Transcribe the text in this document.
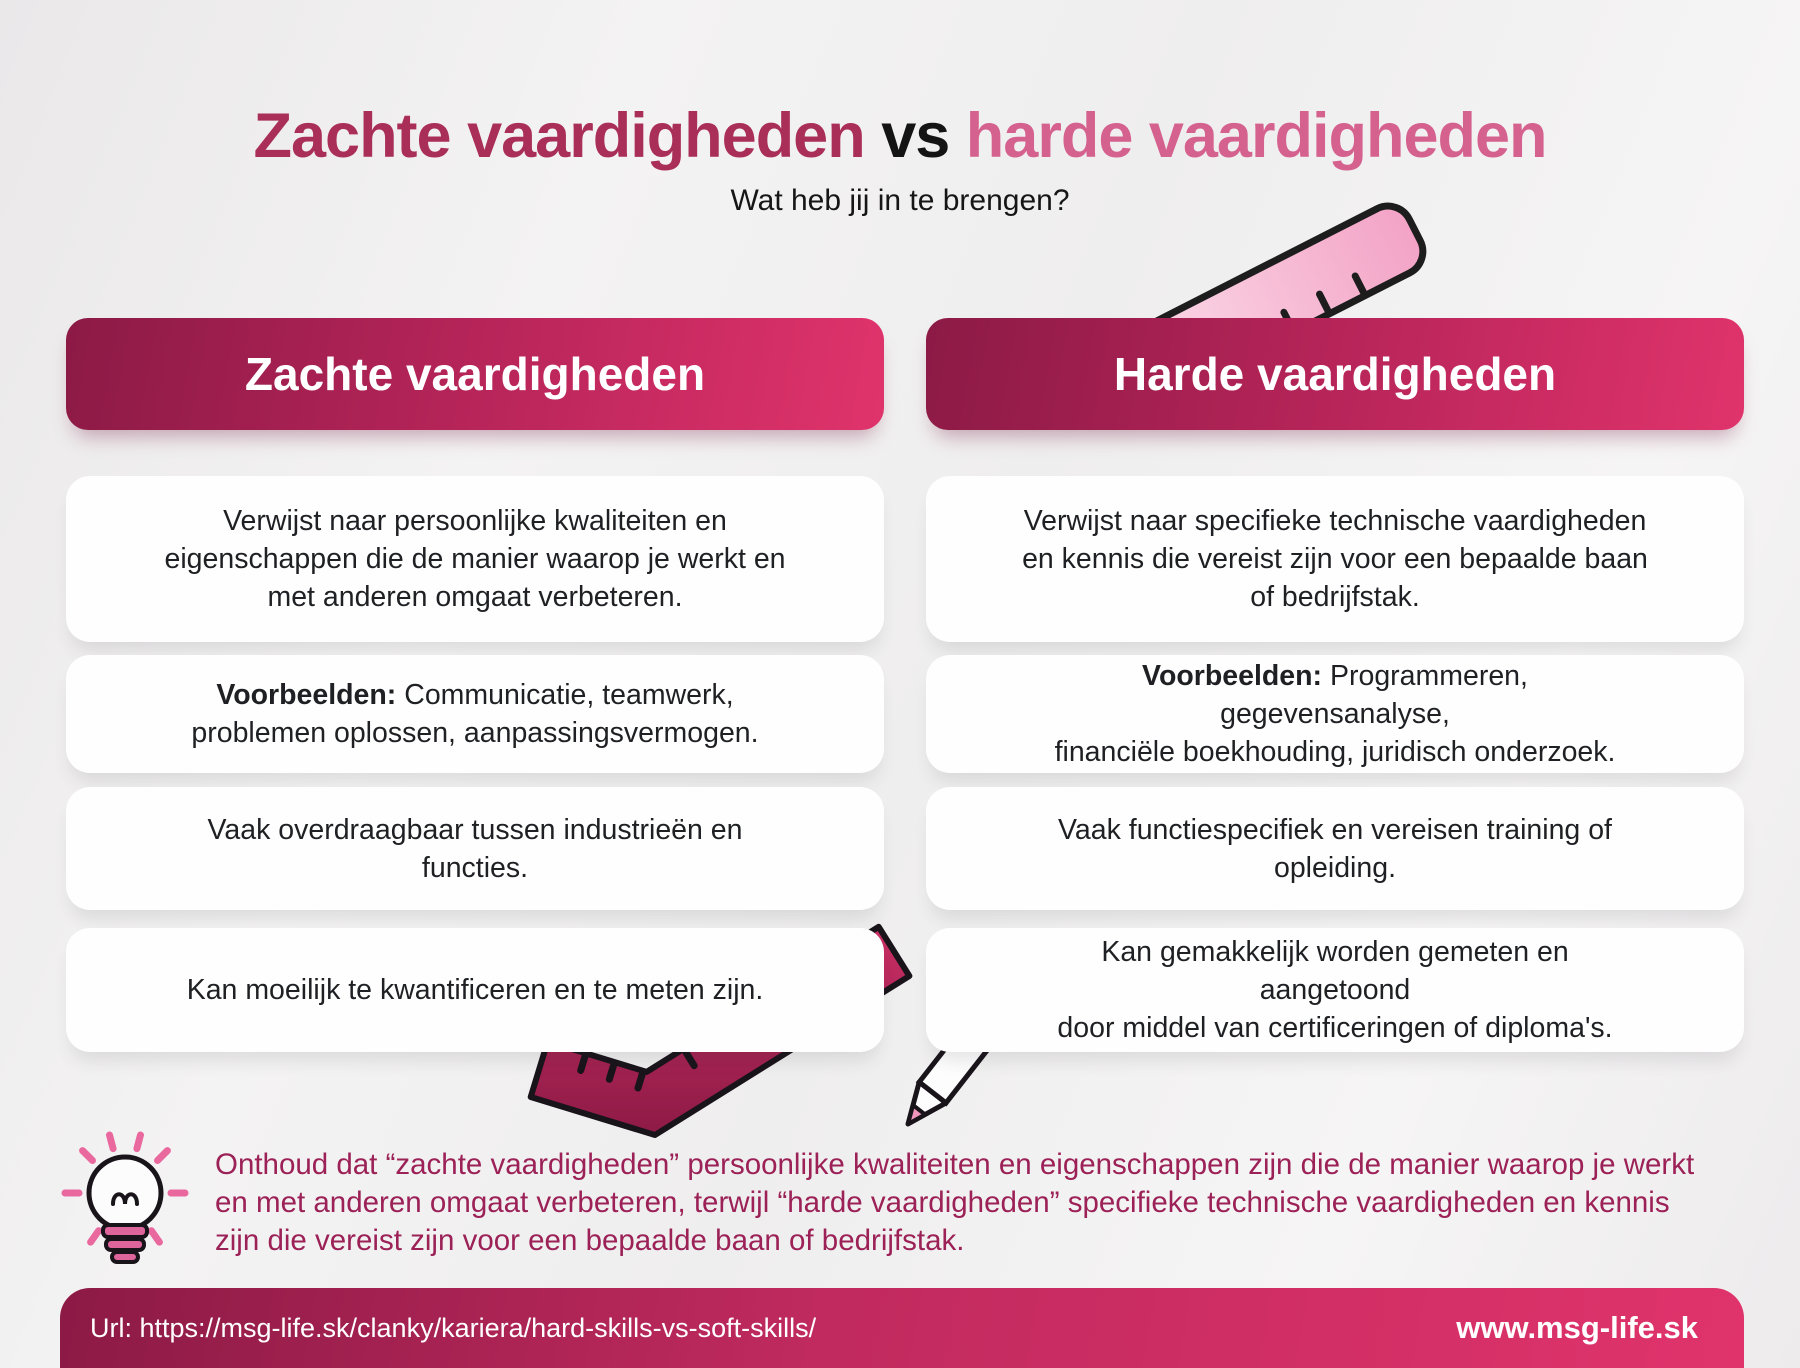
Zachte vaardigheden vs harde vaardigheden
Wat heb jij in te brengen?
Zachte vaardigheden	Harde vaardigheden
Verwijst naar persoonlijke kwaliteiten en
eigenschappen die de manier waarop je werkt en
met anderen omgaat verbeteren.
Voorbeelden: Communicatie, teamwerk,
problemen oplossen, aanpassingsvermogen.
Vaak overdraagbaar tussen industrieën en
functies.
Kan moeilijk te kwantificeren en te meten zijn.
Verwijst naar specifieke technische vaardigheden
en kennis die vereist zijn voor een bepaalde baan
of bedrijfstak.
Voorbeelden: Programmeren, gegevensanalyse,
financiële boekhouding, juridisch onderzoek.
Vaak functiespecifiek en vereisen training of
opleiding.
Kan gemakkelijk worden gemeten en aangetoond
door middel van certificeringen of diploma's.
Onthoud dat “zachte vaardigheden” persoonlijke kwaliteiten en eigenschappen zijn die de manier waarop je werkt
en met anderen omgaat verbeteren, terwijl “harde vaardigheden” specifieke technische vaardigheden en kennis
zijn die vereist zijn voor een bepaalde baan of bedrijfstak.
Url: https://msg-life.sk/clanky/kariera/hard-skills-vs-soft-skills/	www.msg-life.sk
